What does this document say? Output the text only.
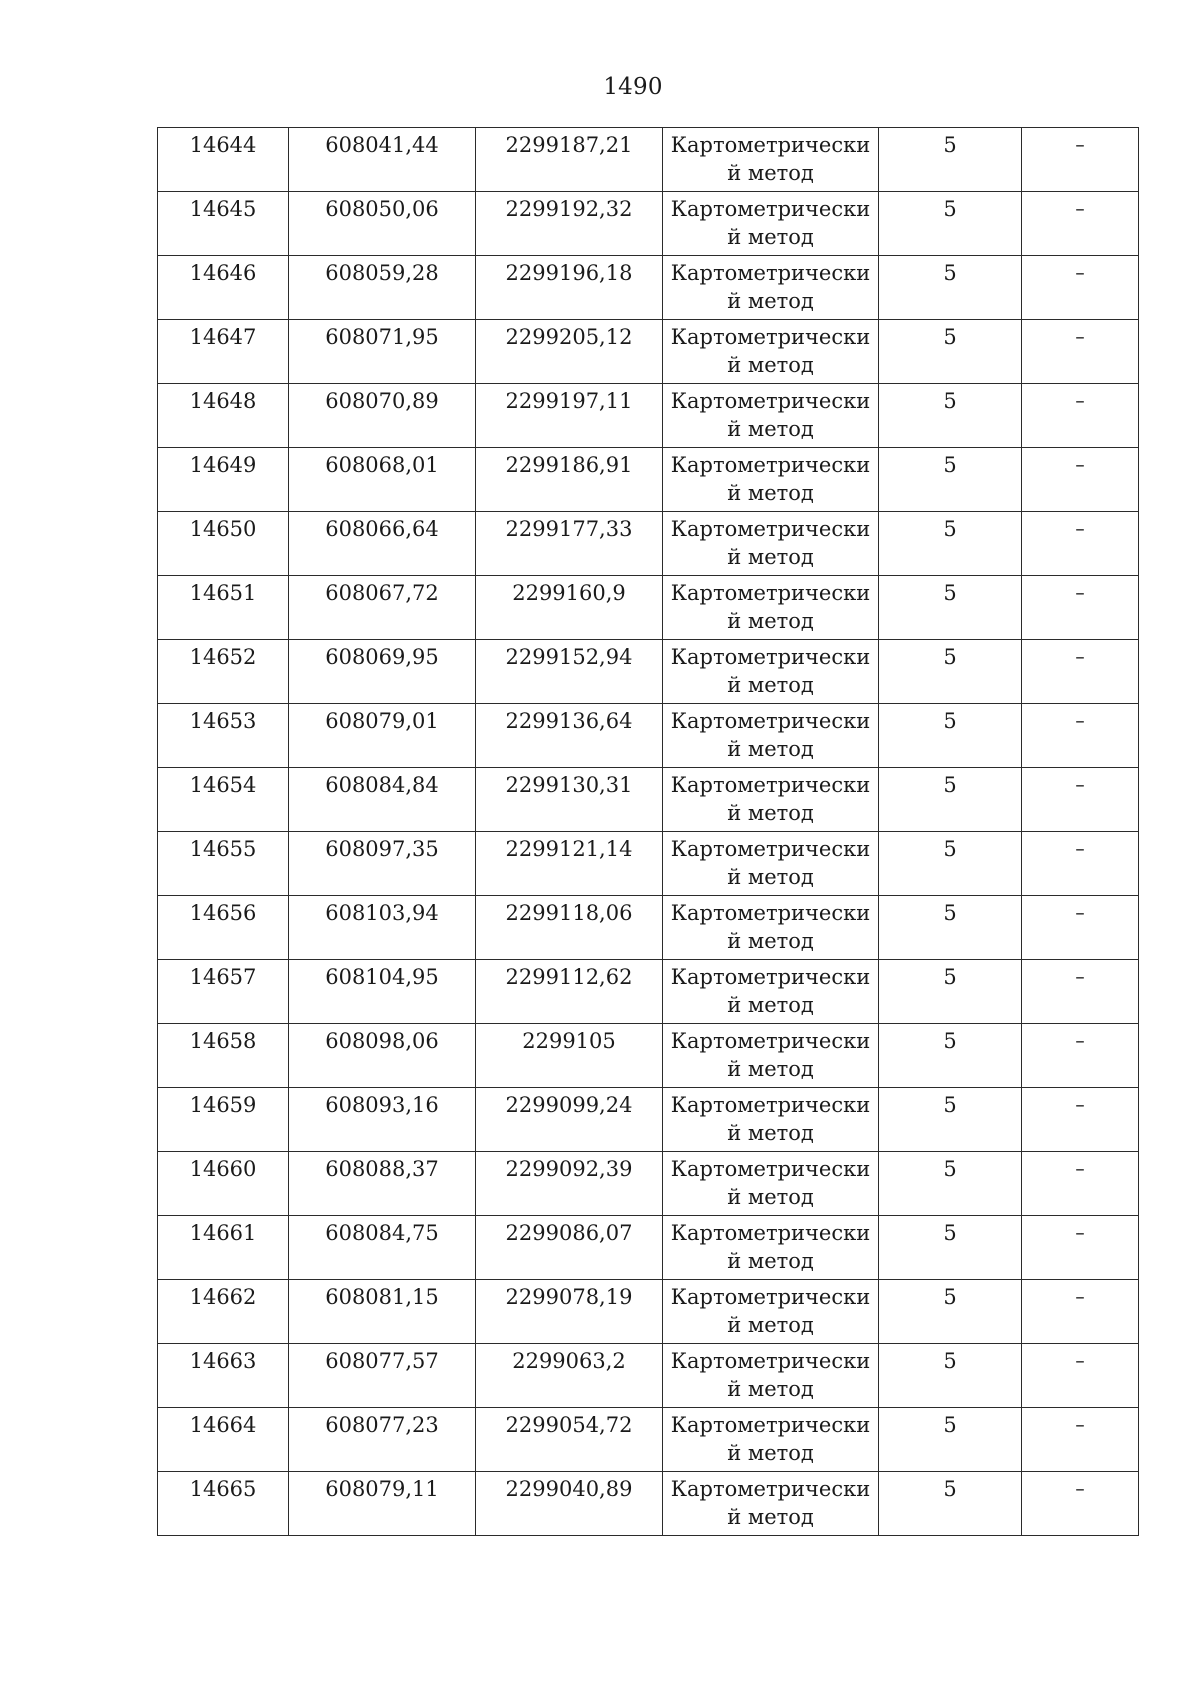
1490
14644	608041,44	2299187,21	Картометрически й метод	5	–

14645	608050,06	2299192,32	Картометрически й метод	5	–

14646	608059,28	2299196,18	Картометрически й метод	5	–

14647	608071,95	2299205,12	Картометрически й метод	5	–

14648	608070,89	2299197,11	Картометрически й метод	5	–

14649	608068,01	2299186,91	Картометрически й метод	5	–

14650	608066,64	2299177,33	Картометрически й метод	5	–

14651	608067,72	2299160,9	Картометрически й метод	5	–

14652	608069,95	2299152,94	Картометрически й метод	5	–

14653	608079,01	2299136,64	Картометрически й метод	5	–

14654	608084,84	2299130,31	Картометрически й метод	5	–

14655	608097,35	2299121,14	Картометрически й метод	5	–

14656	608103,94	2299118,06	Картометрически й метод	5	–

14657	608104,95	2299112,62	Картометрически й метод	5	–

14658	608098,06	2299105	Картометрически й метод	5	–

14659	608093,16	2299099,24	Картометрически й метод	5	–

14660	608088,37	2299092,39	Картометрически й метод	5	–

14661	608084,75	2299086,07	Картометрически й метод	5	–

14662	608081,15	2299078,19	Картометрически й метод	5	–

14663	608077,57	2299063,2	Картометрически й метод	5	–

14664	608077,23	2299054,72	Картометрически й метод	5	–

14665	608079,11	2299040,89	Картометрически й метод	5	–
